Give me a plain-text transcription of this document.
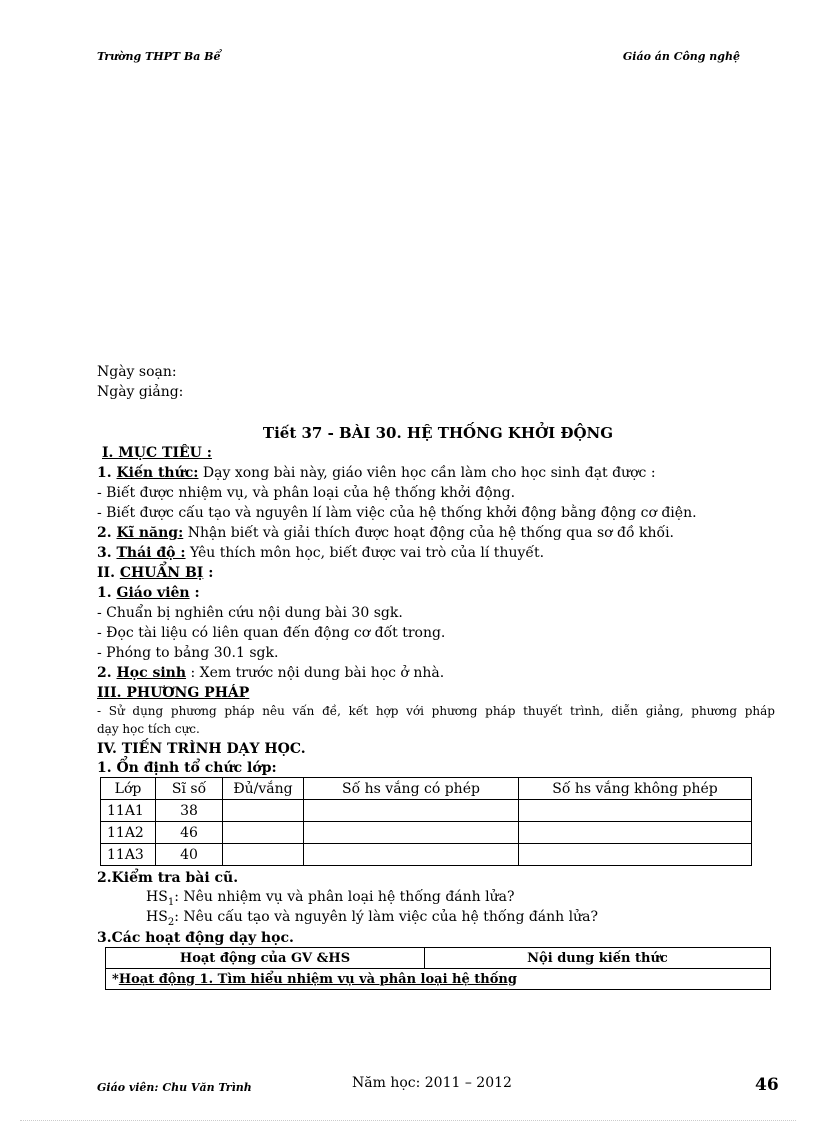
Trường THPT Ba Bể	Giáo án Công nghệ
Ngày soạn:
Ngày giảng:
Tiết 37 - BÀI 30. HỆ THỐNG KHỞI ĐỘNG
I. MỤC TIÊU :
1. Kiến thức: Dạy xong bài này, giáo viên học cần làm cho học sinh đạt được :
- Biết được nhiệm vụ, và phân loại của hệ thống khởi động.
- Biết được cấu tạo và nguyên lí làm việc của hệ thống khởi động bằng động cơ điện.
2. Kĩ năng: Nhận biết và giải thích được hoạt động của hệ thống qua sơ đồ khối.
3. Thái độ : Yêu thích môn học, biết được vai trò của lí thuyết.
II. CHUẨN BỊ :
1. Giáo viên :
- Chuẩn bị nghiên cứu nội dung bài 30 sgk.
- Đọc tài liệu có liên quan đến động cơ đốt trong.
- Phóng to bảng 30.1 sgk.
2. Học sinh : Xem trước nội dung bài học ở nhà.
III. PHƯƠNG PHÁP
- Sử dụng phương pháp nêu vấn đề, kết hợp với phương pháp thuyết trình, diễn giảng, phương pháp
dạy học tích cực.
IV. TIẾN TRÌNH DẠY HỌC.
1. Ổn định tổ chức lớp:
Lớp	Sĩ số	Đủ/vắng	Số hs vắng có phép	Số hs vắng không phép
11A1	38			
11A2	46			
11A3	40			
2.Kiểm tra bài cũ.
$HS_1$: Nêu nhiệm vụ và phân loại hệ thống đánh lửa?
$HS_2$: Nêu cấu tạo và nguyên lý làm việc của hệ thống đánh lửa?
3.Các hoạt động dạy học.
Hoạt động của GV &HS	Nội dung kiến thức
*Hoạt động 1. Tìm hiểu nhiệm vụ và phân loại hệ thống
Giáo viên: Chu Văn Trình	Năm học: 2011 – 2012	46
